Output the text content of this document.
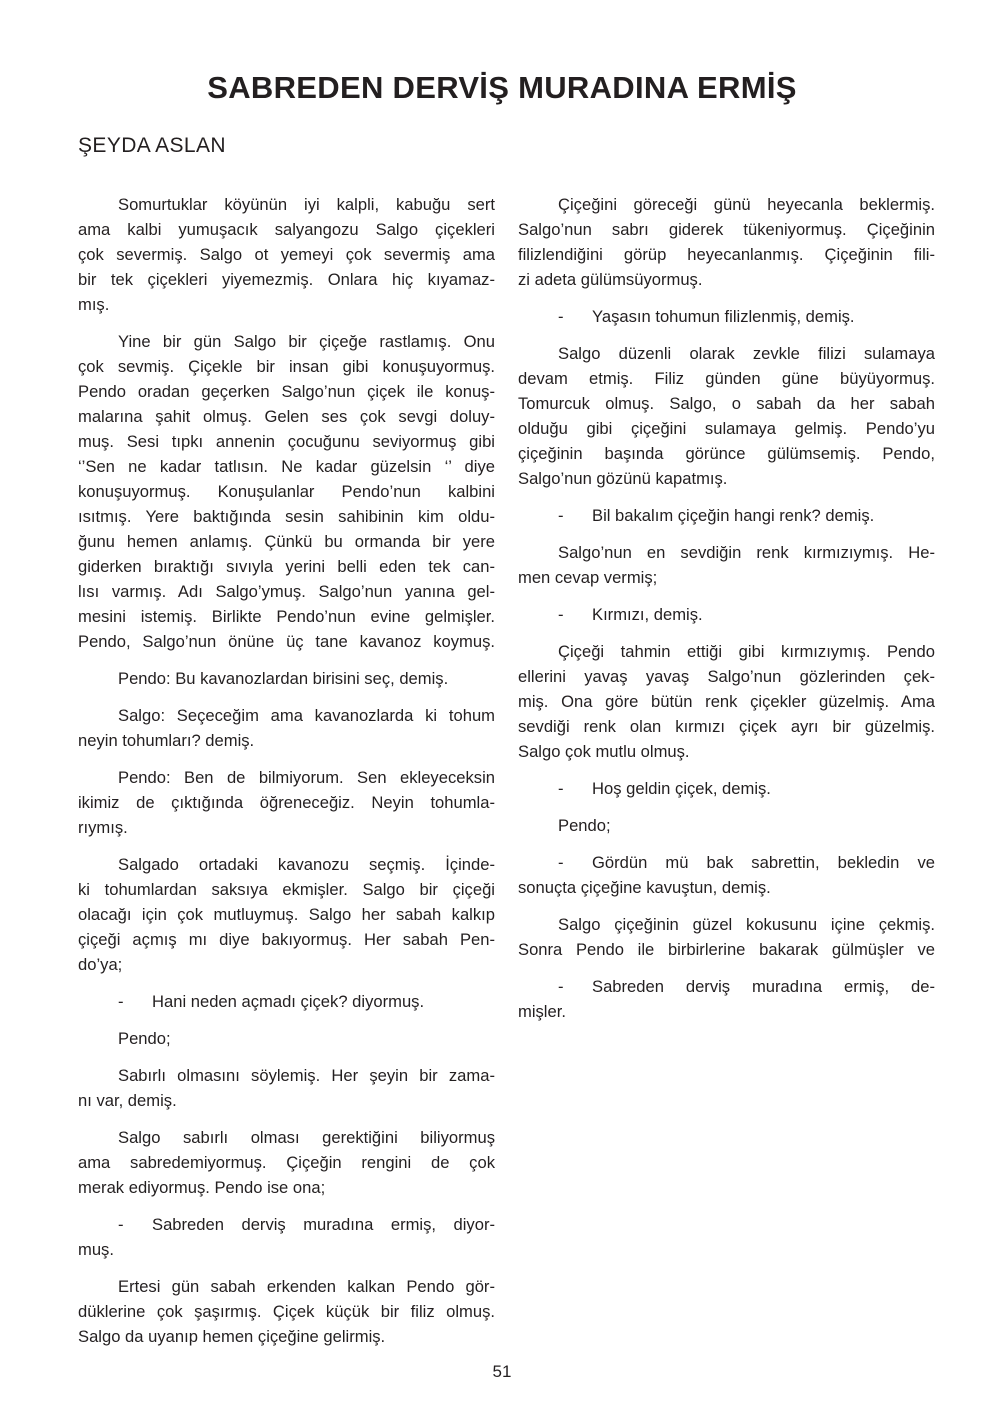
SABREDEN DERVİŞ MURADINA ERMİŞ
ŞEYDA ASLAN
Somurtuklar köyünün iyi kalpli, kabuğu sert
ama kalbi yumuşacık salyangozu Salgo çiçekleri
çok severmiş. Salgo ot yemeyi çok severmiş ama
bir tek çiçekleri yiyemezmiş. Onlara hiç kıyamaz-
mış.
Yine bir gün Salgo bir çiçeğe rastlamış. Onu
çok sevmiş. Çiçekle bir insan gibi konuşuyormuş.
Pendo oradan geçerken Salgo’nun çiçek ile konuş-
malarına şahit olmuş. Gelen ses çok sevgi doluy-
muş. Sesi tıpkı annenin çocuğunu seviyormuş gibi
‘’Sen ne kadar tatlısın. Ne kadar güzelsin ‘’ diye
konuşuyormuş. Konuşulanlar Pendo’nun kalbini
ısıtmış. Yere baktığında sesin sahibinin kim oldu-
ğunu hemen anlamış. Çünkü bu ormanda bir yere
giderken bıraktığı sıvıyla yerini belli eden tek can-
lısı varmış. Adı Salgo’ymuş. Salgo’nun yanına gel-
mesini istemiş. Birlikte Pendo’nun evine gelmişler.
Pendo, Salgo’nun önüne üç tane kavanoz koymuş.
Pendo: Bu kavanozlardan birisini seç, demiş.
Salgo: Seçeceğim ama kavanozlarda ki tohum
neyin tohumları? demiş.
Pendo: Ben de bilmiyorum. Sen ekleyeceksin
ikimiz de çıktığında öğreneceğiz. Neyin tohumla-
rıymış.
Salgado ortadaki kavanozu seçmiş. İçinde-
ki tohumlardan saksıya ekmişler. Salgo bir çiçeği
olacağı için çok mutluymuş. Salgo her sabah kalkıp
çiçeği açmış mı diye bakıyormuş. Her sabah Pen-
do’ya;
- Hani neden açmadı çiçek? diyormuş.
Pendo;
Sabırlı olmasını söylemiş. Her şeyin bir zama-
nı var, demiş.
Salgo sabırlı olması gerektiğini biliyormuş
ama sabredemiyormuş. Çiçeğin rengini de çok
merak ediyormuş. Pendo ise ona;
- Sabreden derviş muradına ermiş, diyor-
muş.
Ertesi gün sabah erkenden kalkan Pendo gör-
düklerine çok şaşırmış. Çiçek küçük bir filiz olmuş.
Salgo da uyanıp hemen çiçeğine gelirmiş.
Çiçeğini göreceği günü heyecanla beklermiş.
Salgo’nun sabrı giderek tükeniyormuş. Çiçeğinin
filizlendiğini görüp heyecanlanmış. Çiçeğinin fili-
zi adeta gülümsüyormuş.
- Yaşasın tohumun filizlenmiş, demiş.
Salgo düzenli olarak zevkle filizi sulamaya
devam etmiş. Filiz günden güne büyüyormuş.
Tomurcuk olmuş. Salgo, o sabah da her sabah
olduğu gibi çiçeğini sulamaya gelmiş. Pendo’yu
çiçeğinin başında görünce gülümsemiş. Pendo,
Salgo’nun gözünü kapatmış.
- Bil bakalım çiçeğin hangi renk? demiş.
Salgo’nun en sevdiğin renk kırmızıymış. He-
men cevap vermiş;
- Kırmızı, demiş.
Çiçeği tahmin ettiği gibi kırmızıymış. Pendo
ellerini yavaş yavaş Salgo’nun gözlerinden çek-
miş. Ona göre bütün renk çiçekler güzelmiş. Ama
sevdiği renk olan kırmızı çiçek ayrı bir güzelmiş.
Salgo çok mutlu olmuş.
- Hoş geldin çiçek, demiş.
Pendo;
- Gördün mü bak sabrettin, bekledin ve
sonuçta çiçeğine kavuştun, demiş.
Salgo çiçeğinin güzel kokusunu içine çekmiş.
Sonra Pendo ile birbirlerine bakarak gülmüşler ve
- Sabreden derviş muradına ermiş, de-
mişler.
51
